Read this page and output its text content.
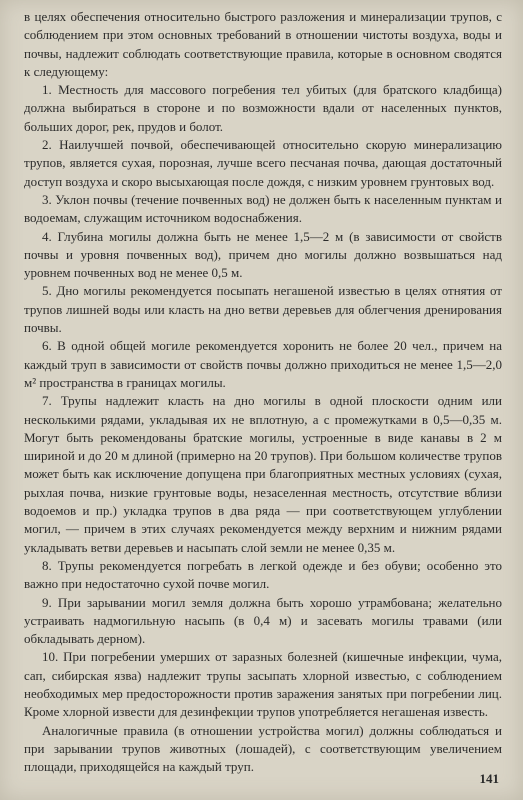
в целях обеспечения относительно быстрого разложения и минерализации трупов, с соблюдением при этом основных требований в отношении чистоты воздуха, воды и почвы, надлежит соблюдать соответствующие правила, которые в основном сводятся к следующему:

1. Местность для массового погребения тел убитых (для братского кладбища) должна выбираться в стороне и по возможности вдали от населенных пунктов, больших дорог, рек, прудов и болот.

2. Наилучшей почвой, обеспечивающей относительно скорую минерализацию трупов, является сухая, порозная, лучше всего песчаная почва, дающая достаточный доступ воздуха и скоро высыхающая после дождя, с низким уровнем грунтовых вод.

3. Уклон почвы (течение почвенных вод) не должен быть к населенным пунктам и водоемам, служащим источником водоснабжения.

4. Глубина могилы должна быть не менее 1,5—2 м (в зависимости от свойств почвы и уровня почвенных вод), причем дно могилы должно возвышаться над уровнем почвенных вод не менее 0,5 м.

5. Дно могилы рекомендуется посыпать негашеной известью в целях отнятия от трупов лишней воды или класть на дно ветви деревьев для облегчения дренирования почвы.

6. В одной общей могиле рекомендуется хоронить не более 20 чел., причем на каждый труп в зависимости от свойств почвы должно приходиться не менее 1,5—2,0 м² пространства в границах могилы.

7. Трупы надлежит класть на дно могилы в одной плоскости одним или несколькими рядами, укладывая их не вплотную, а с промежутками в 0,5—0,35 м. Могут быть рекомендованы братские могилы, устроенные в виде канавы в 2 м шириной и до 20 м длиной (примерно на 20 трупов). При большом количестве трупов может быть как исключение допущена при благоприятных местных условиях (сухая, рыхлая почва, низкие грунтовые воды, незаселенная местность, отсутствие вблизи водоемов и пр.) укладка трупов в два ряда — при соответствующем углублении могил, — причем в этих случаях рекомендуется между верхним и нижним рядами укладывать ветви деревьев и насыпать слой земли не менее 0,35 м.

8. Трупы рекомендуется погребать в легкой одежде и без обуви; особенно это важно при недостаточно сухой почве могил.

9. При зарывании могил земля должна быть хорошо утрамбована; желательно устраивать надмогильную насыпь (в 0,4 м) и засевать могилы травами (или обкладывать дерном).

10. При погребении умерших от заразных болезней (кишечные инфекции, чума, сап, сибирская язва) надлежит трупы засыпать хлорной известью, с соблюдением необходимых мер предосторожности против заражения занятых при погребении лиц. Кроме хлорной извести для дезинфекции трупов употребляется негашеная известь.

Аналогичные правила (в отношении устройства могил) должны соблюдаться и при зарывании трупов животных (лошадей), с соответствующим увеличением площади, приходящейся на каждый труп.

141
